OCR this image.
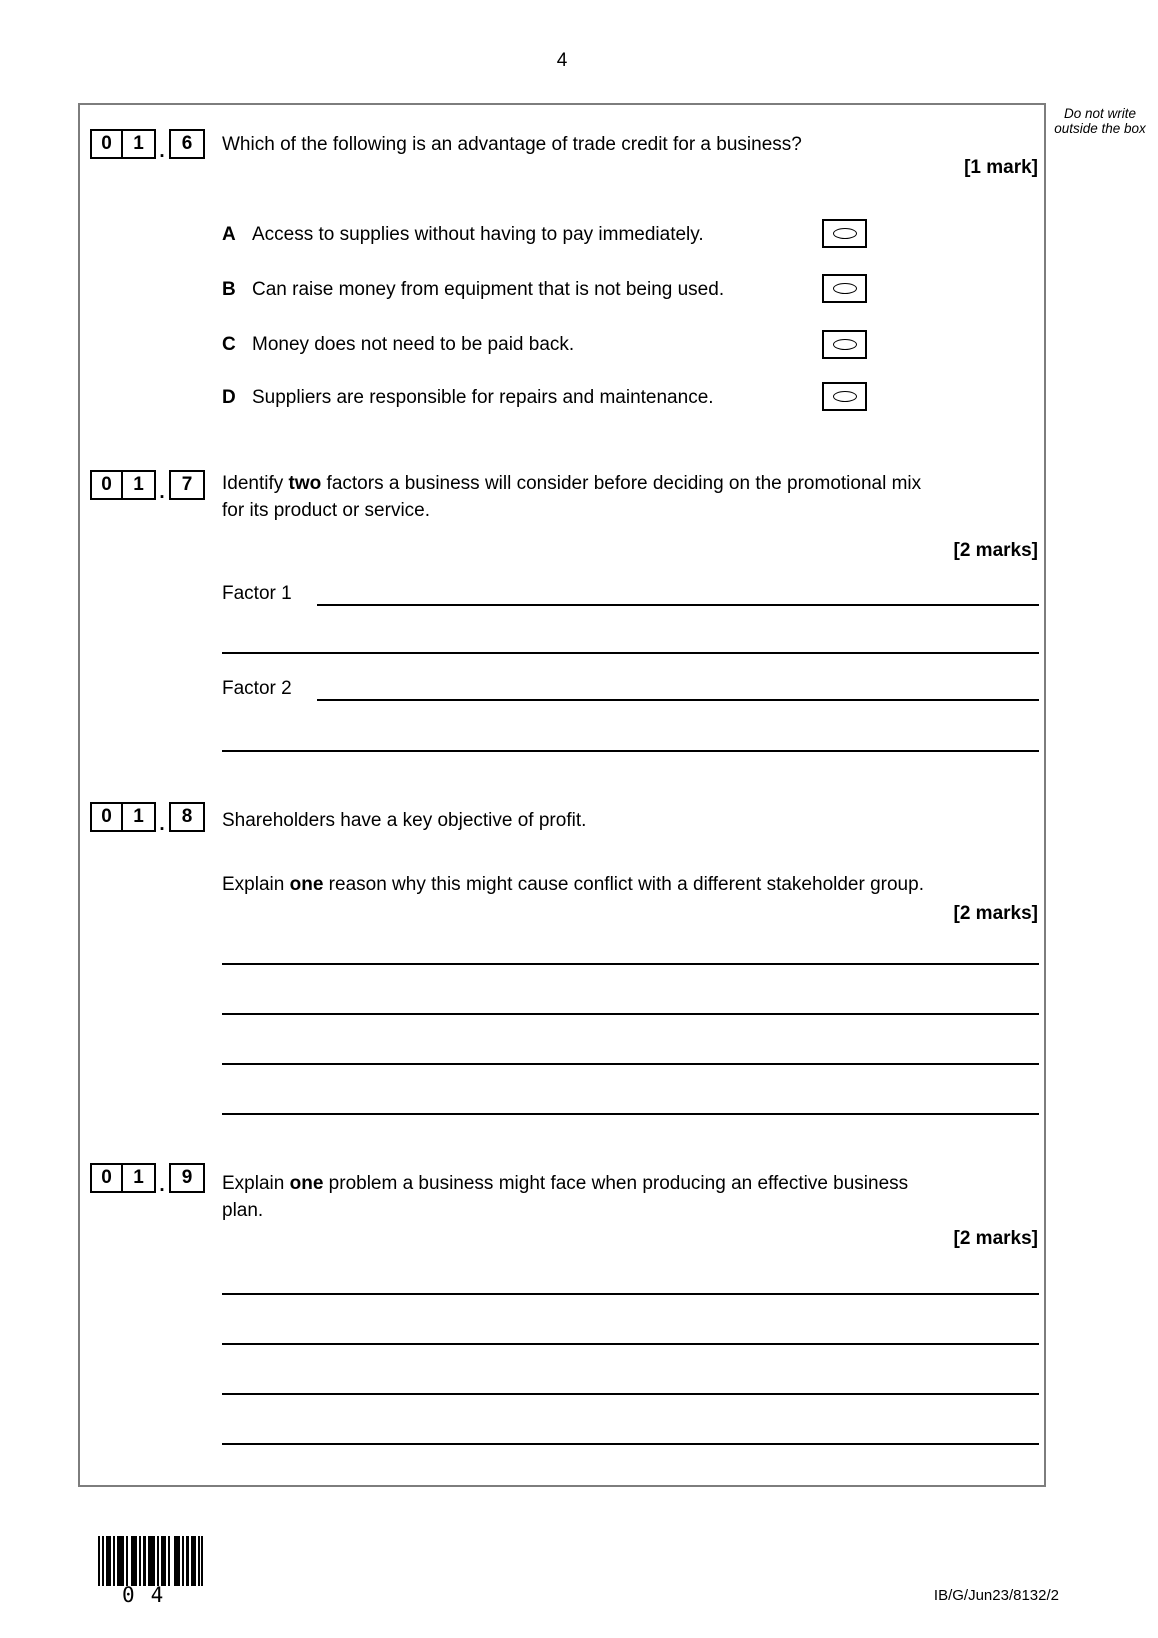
4
Do not write outside the box
0	1 . 6	Which of the following is an advantage of trade credit for a business?
[1 mark]
A Access to supplies without having to pay immediately.
B Can raise money from equipment that is not being used.
C Money does not need to be paid back.
D Suppliers are responsible for repairs and maintenance.
0	1 . 7	Identify two factors a business will consider before deciding on the promotional mix
for its product or service.
[2 marks]
Factor 1
Factor 2
0	1 . 8	Shareholders have a key objective of profit.
Explain one reason why this might cause conflict with a different stakeholder group.
[2 marks]
0	1 . 9	Explain one problem a business might face when producing an effective business
plan.
[2 marks]
0 4	IB/G/Jun23/8132/2
